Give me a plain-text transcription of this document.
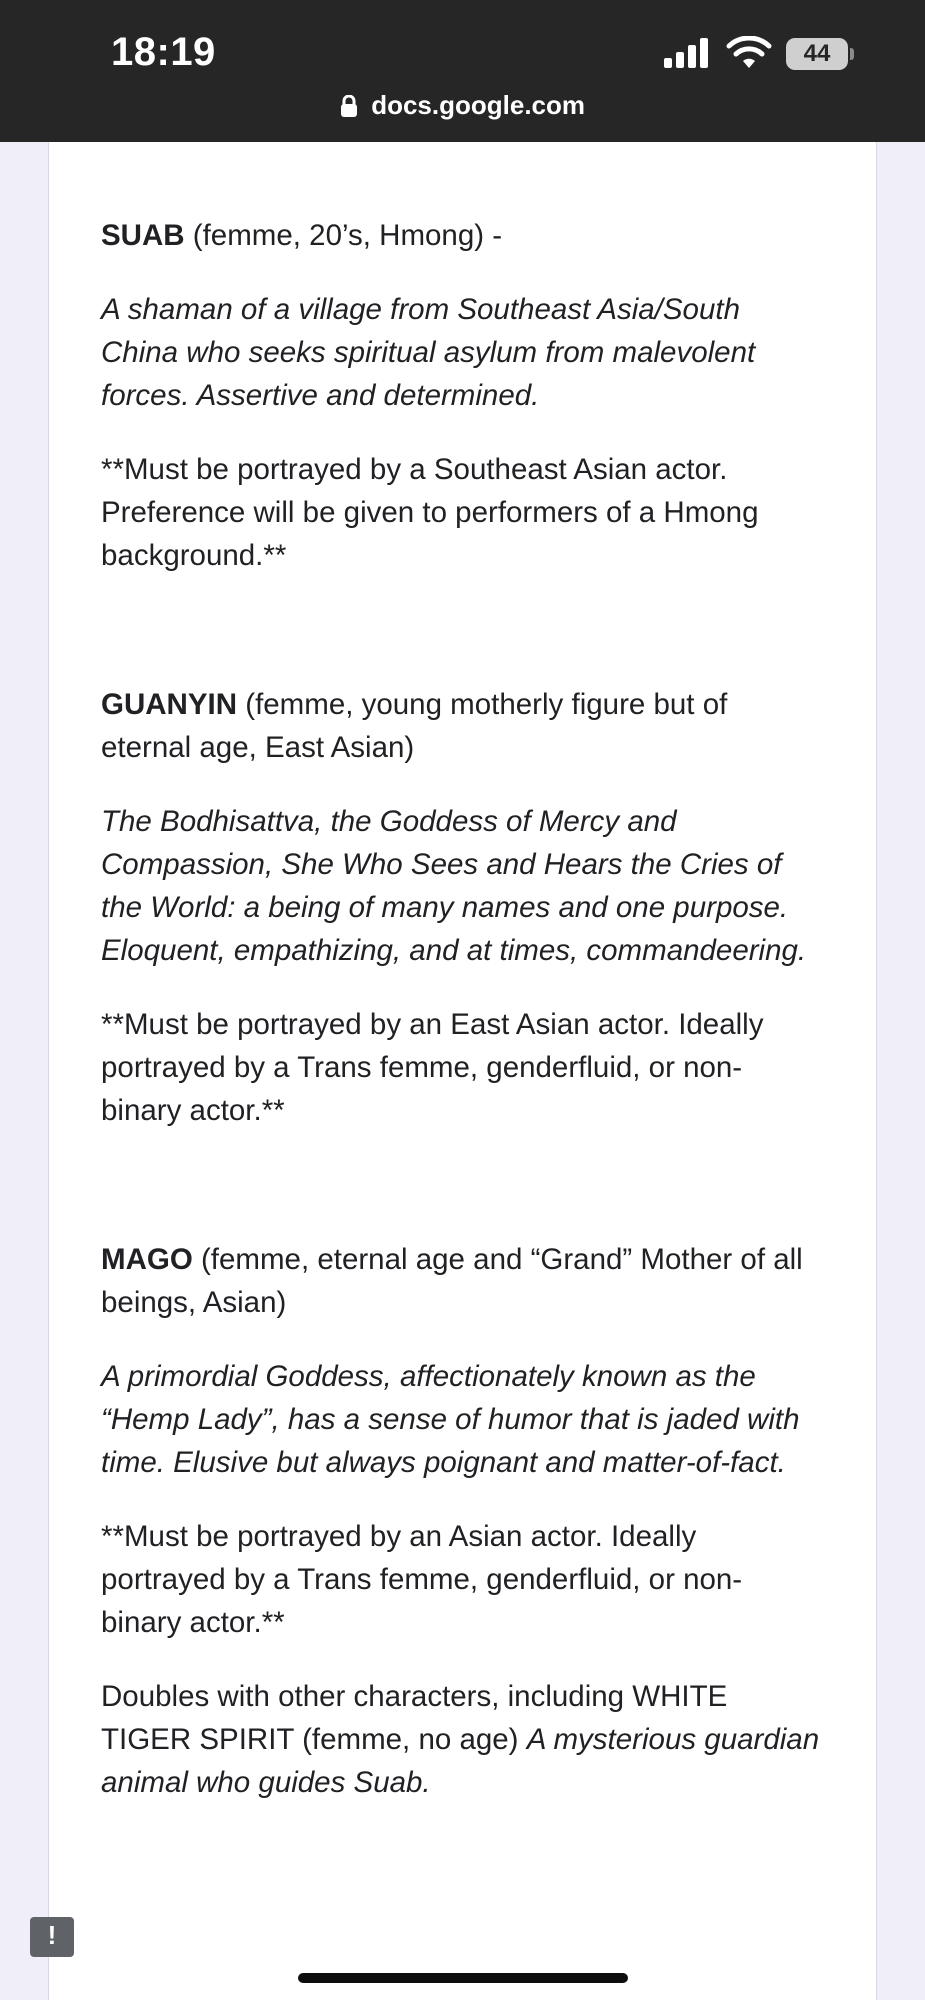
18:19	44
docs.google.com

SUAB (femme, 20’s, Hmong) -

A shaman of a village from Southeast Asia/South China who seeks spiritual asylum from malevolent forces. Assertive and determined.

**Must be portrayed by a Southeast Asian actor. Preference will be given to performers of a Hmong background.**

GUANYIN (femme, young motherly figure but of eternal age, East Asian)

The Bodhisattva, the Goddess of Mercy and Compassion, She Who Sees and Hears the Cries of the World: a being of many names and one purpose. Eloquent, empathizing, and at times, commandeering.

**Must be portrayed by an East Asian actor. Ideally portrayed by a Trans femme, genderfluid, or non-binary actor.**

MAGO (femme, eternal age and “Grand” Mother of all beings, Asian)

A primordial Goddess, affectionately known as the “Hemp Lady”, has a sense of humor that is jaded with time. Elusive but always poignant and matter-of-fact.

**Must be portrayed by an Asian actor. Ideally portrayed by a Trans femme, genderfluid, or non-binary actor.**

Doubles with other characters, including WHITE TIGER SPIRIT (femme, no age) A mysterious guardian animal who guides Suab.

!
